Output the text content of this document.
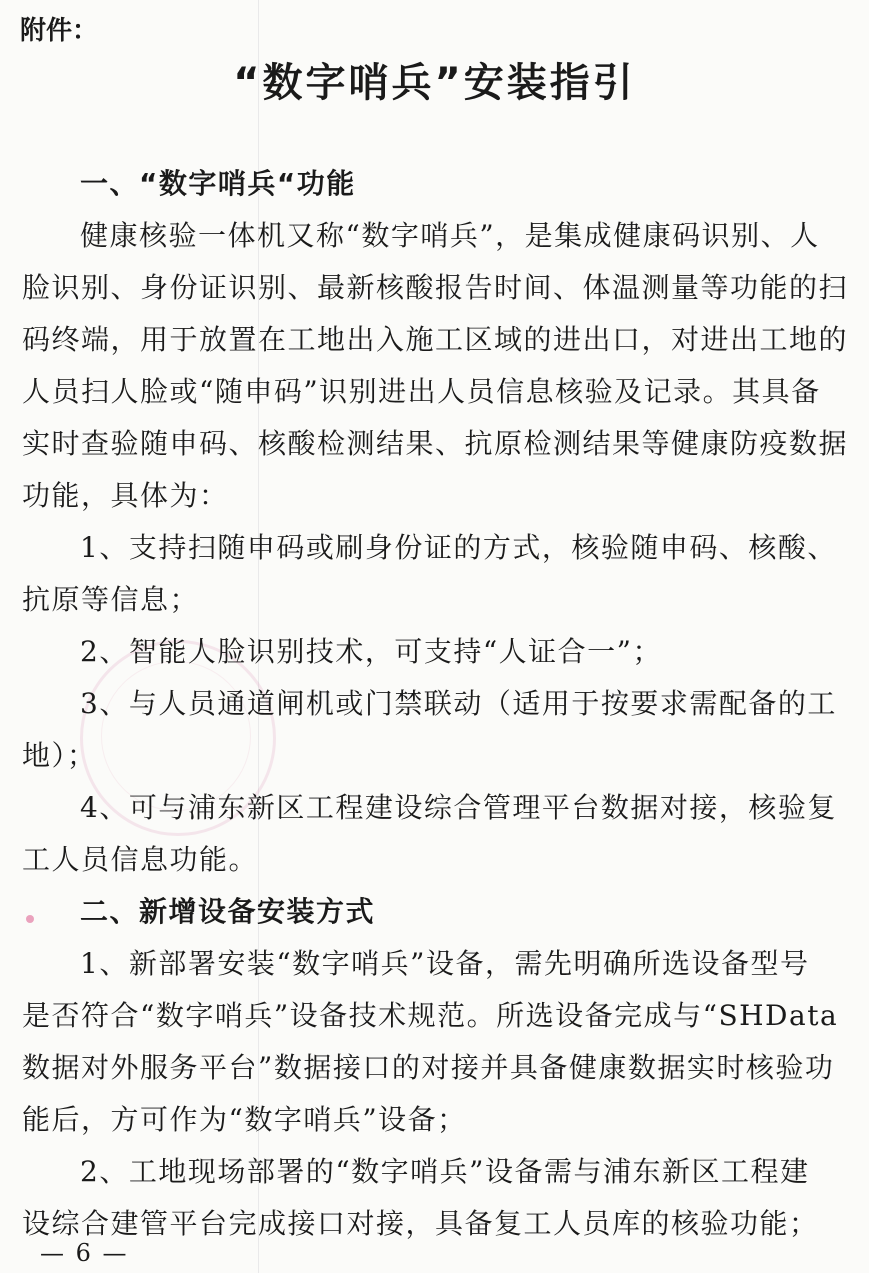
附件：
“数字哨兵”安装指引

一、“数字哨兵“功能

健康核验一体机又称“数字哨兵”，是集成健康码识别、人

脸识别、身份证识别、最新核酸报告时间、体温测量等功能的扫

码终端，用于放置在工地出入施工区域的进出口，对进出工地的

人员扫人脸或“随申码”识别进出人员信息核验及记录。其具备

实时查验随申码、核酸检测结果、抗原检测结果等健康防疫数据

功能，具体为：

1、支持扫随申码或刷身份证的方式，核验随申码、核酸、

抗原等信息；

2、智能人脸识别技术，可支持“人证合一”；

3、与人员通道闸机或门禁联动（适用于按要求需配备的工

地）；

4、可与浦东新区工程建设综合管理平台数据对接，核验复

工人员信息功能。

二、新增设备安装方式

1、新部署安装“数字哨兵”设备，需先明确所选设备型号

是否符合“数字哨兵”设备技术规范。所选设备完成与“SHData

数据对外服务平台”数据接口的对接并具备健康数据实时核验功

能后，方可作为“数字哨兵”设备；

2、工地现场部署的“数字哨兵”设备需与浦东新区工程建

设综合建管平台完成接口对接，具备复工人员库的核验功能；

— 6 —
